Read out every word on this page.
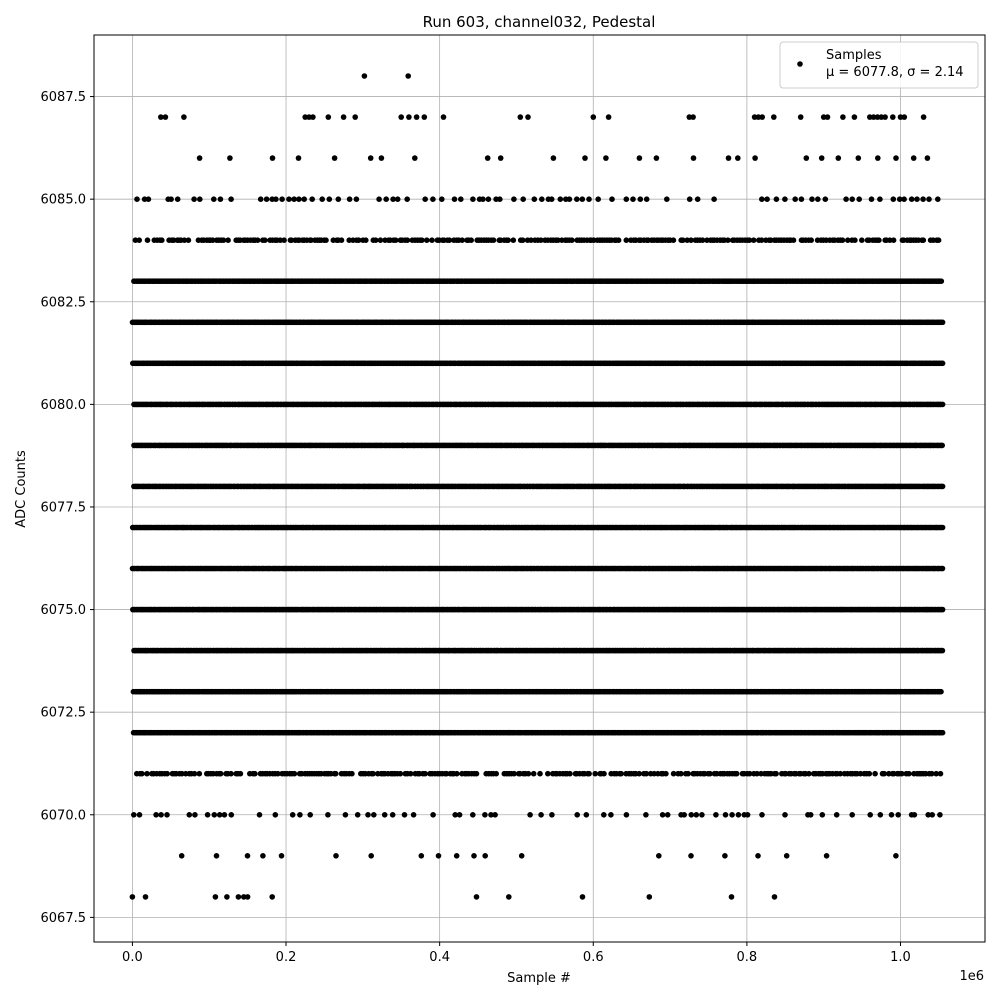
Run 603, channel032, Pedestal
0.0	0.2	0.4	0.6	0.8	1.0
6067.5
6070.0
6072.5
6075.0
6077.5
6080.0
6082.5
6085.0
6087.5
Sample #
ADC Counts
1e6
Samples
μ = 6077.8, σ = 2.14
